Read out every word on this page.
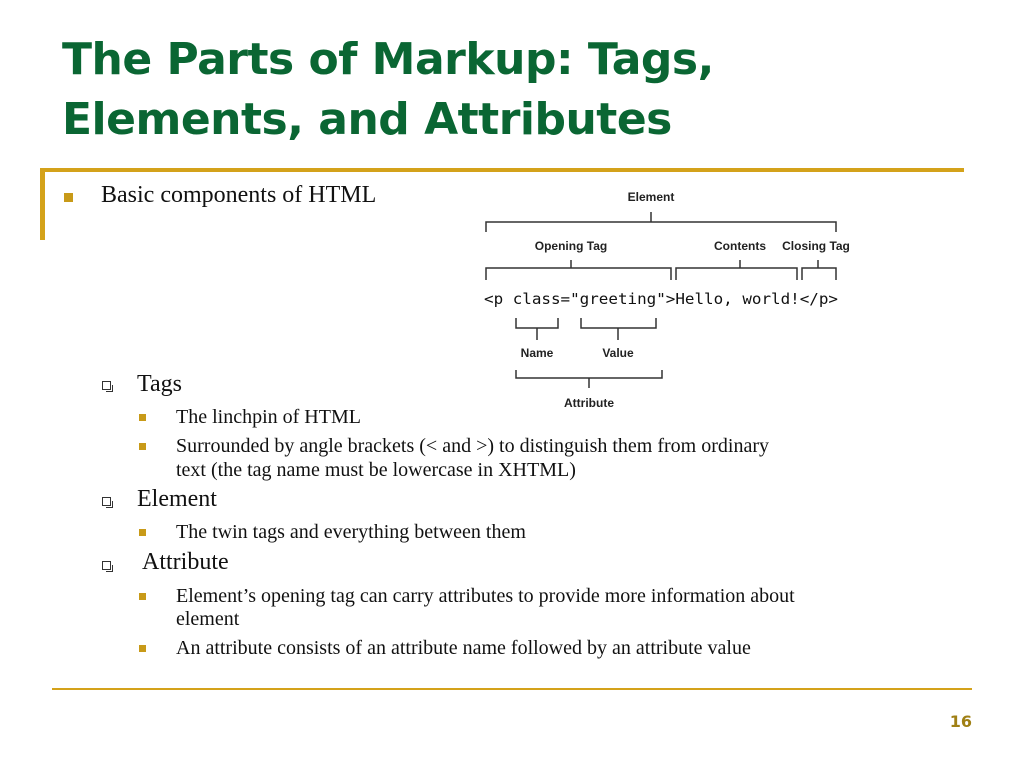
The Parts of Markup: Tags,
Elements, and Attributes
Basic components of HTML	Element
Opening Tag	Contents Closing Tag
<p class="greeting">Hello, world!</p>
Name	Value
Attribute
Tags
The linchpin of HTML
Surrounded by angle brackets (< and >) to distinguish them from ordinary
text (the tag name must be lowercase in XHTML)
Element
The twin tags and everything between them
Attribute
Element’s opening tag can carry attributes to provide more information about
element
An attribute consists of an attribute name followed by an attribute value
16
